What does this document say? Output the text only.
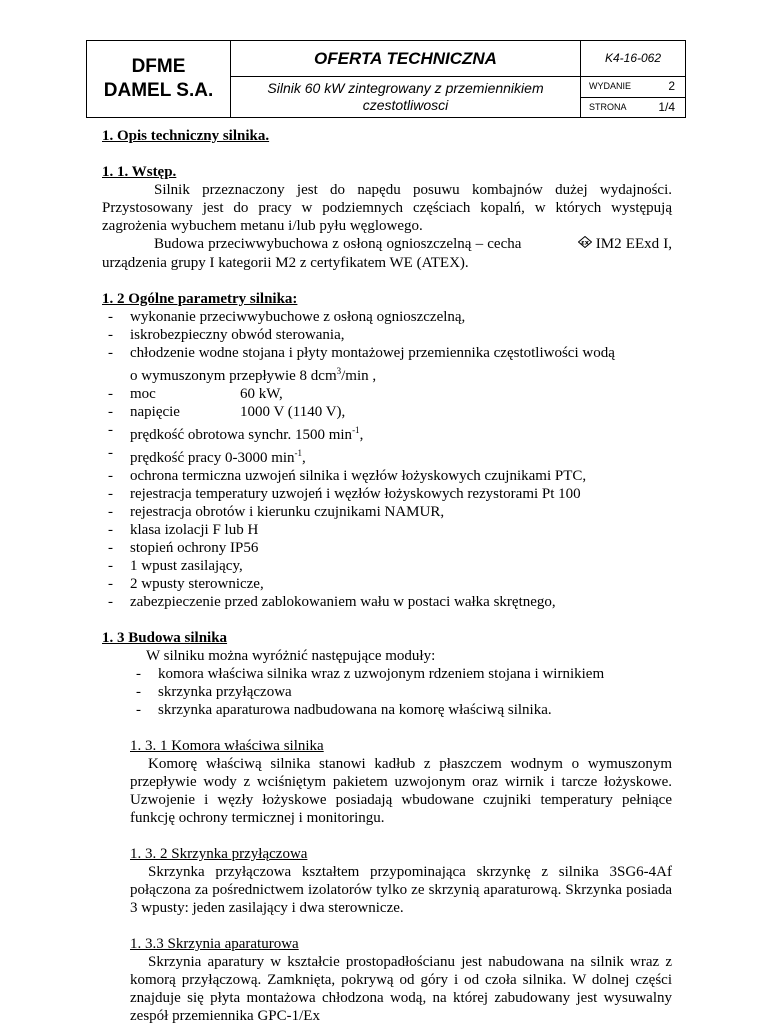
DFME
DAMEL S.A.
OFERTA TECHNICZNA
Silnik 60 kW zintegrowany z przemiennikiem czestotliwosci
K4-16-062
WYDANIE	2
STRONA	1/4

1. Opis techniczny silnika.

1. 1. Wstęp.

Silnik przeznaczony jest do napędu posuwu kombajnów dużej wydajności. Przystosowany jest do pracy w podziemnych częściach kopalń, w których występują zagrożenia wybuchem metanu i/lub pyłu węglowego.

Budowa przeciwwybuchowa z osłoną ognioszczelną – cecha	εx IM2 EExd I, urządzenia grupy I kategorii M2 z certyfikatem WE (ATEX).

1. 2 Ogólne parametry silnika:

- wykonanie przeciwwybuchowe z osłoną ognioszczelną,
- iskrobezpieczny obwód sterowania,
- chłodzenie wodne stojana i płyty montażowej przemiennika częstotliwości wodą
o wymuszonym przepływie 8 dcm$^3$/min ,
- moc	60 kW,
- napięcie	1000 V (1140 V),
- prędkość obrotowa synchr. 1500 $\min^{-1}$,
- prędkość pracy 0-3000 $\min^{-1}$,
- ochrona termiczna uzwojeń silnika i węzłów łożyskowych czujnikami PTC,
- rejestracja temperatury uzwojeń i węzłów łożyskowych rezystorami Pt 100
- rejestracja obrotów i kierunku czujnikami NAMUR,
- klasa izolacji F lub H
- stopień ochrony IP56
- 1 wpust zasilający,
- 2 wpusty sterownicze,
- zabezpieczenie przed zablokowaniem wału w postaci wałka skrętnego,

1. 3 Budowa silnika

W silniku można wyróżnić następujące moduły:

- komora właściwa silnika wraz z uzwojonym rdzeniem stojana i wirnikiem
- skrzynka przyłączowa
- skrzynka aparaturowa nadbudowana na komorę właściwą silnika.

1. 3. 1 Komora właściwa silnika

Komorę właściwą silnika stanowi kadłub z płaszczem wodnym o wymuszonym przepływie wody z wciśniętym pakietem uzwojonym oraz wirnik i tarcze łożyskowe. Uzwojenie i węzły łożyskowe posiadają wbudowane czujniki temperatury pełniące funkcję ochrony termicznej i monitoringu.

1. 3. 2 Skrzynka przyłączowa

Skrzynka przyłączowa kształtem przypominająca skrzynkę z silnika 3SG6-4Af połączona za pośrednictwem izolatorów tylko ze skrzynią aparaturową. Skrzynka posiada 3 wpusty: jeden zasilający i dwa sterownicze.

1. 3.3 Skrzynia aparaturowa

Skrzynia aparatury w kształcie prostopadłościanu jest nabudowana na silnik wraz z komorą przyłączową. Zamknięta, pokrywą od góry i od czoła silnika. W dolnej części znajduje się płyta montażowa chłodzona wodą, na której zabudowany jest wysuwalny zespół przemiennika GPC-1/Ex
